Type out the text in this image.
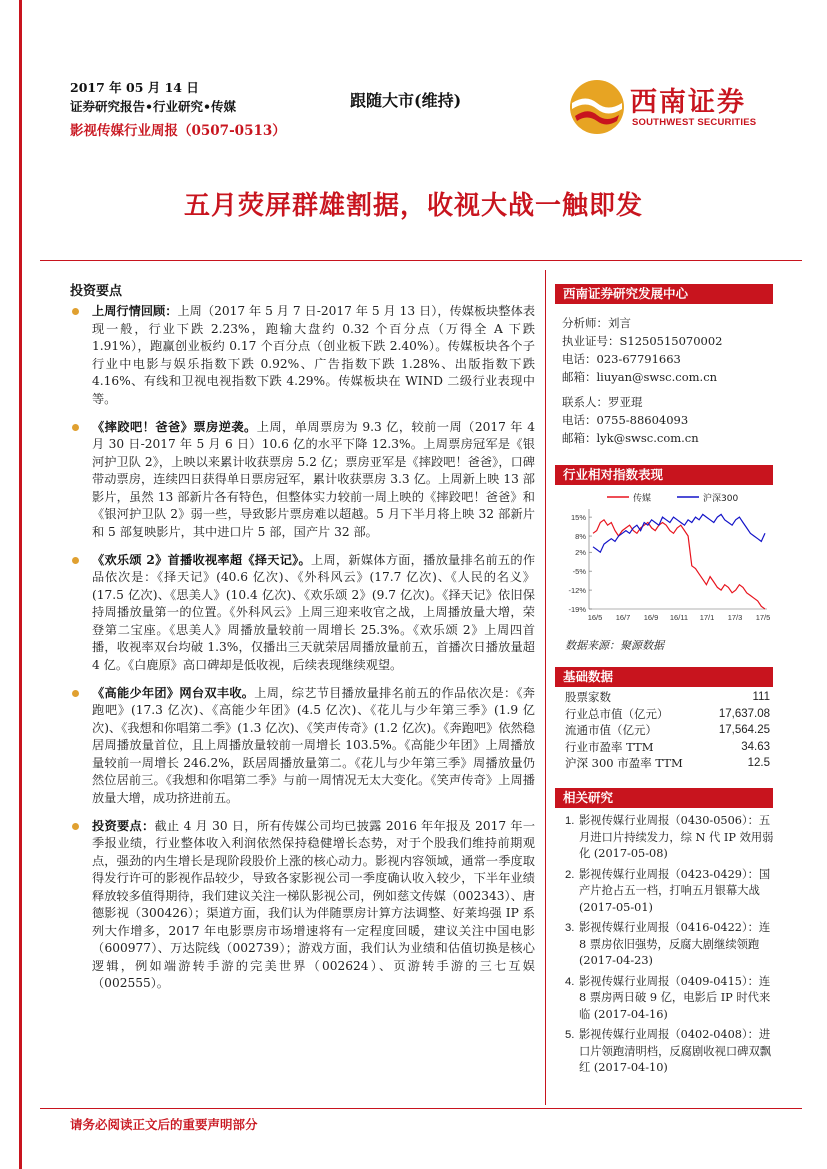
2017 年 05 月 14 日
证券研究报告•行业研究•传媒
影视传媒行业周报（0507-0513）
跟随大市(维持)	西南证券
SOUTHWEST SECURITIES
五月荧屏群雄割据，收视大战一触即发
投资要点
上周行情回顾：上周（2017 年 5 月 7 日-2017 年 5 月 13 日），传媒板块整体表现一般，行业下跌 2.23%，跑输大盘约 0.32 个百分点（万得全 A 下跌 1.91%），跑赢创业板约 0.17 个百分点（创业板下跌 2.40%）。传媒板块各个子行业中电影与娱乐指数下跌 0.92%、广告指数下跌 1.28%、出版指数下跌 4.16%、有线和卫视电视指数下跌 4.29%。传媒板块在 WIND 二级行业表现中等。
《摔跤吧！爸爸》票房逆袭。上周，单周票房为 9.3 亿，较前一周（2017 年 4 月 30 日-2017 年 5 月 6 日）10.6 亿的水平下降 12.3%。上周票房冠军是《银河护卫队 2》，上映以来累计收获票房 5.2 亿；票房亚军是《摔跤吧！爸爸》，口碑带动票房，连续四日获得单日票房冠军，累计收获票房 3.3 亿。上周新上映 13 部影片，虽然 13 部新片各有特色，但整体实力较前一周上映的《摔跤吧！爸爸》和《银河护卫队 2》弱一些，导致影片票房难以超越。5 月下半月将上映 32 部新片和 5 部复映影片，其中进口片 5 部，国产片 32 部。
《欢乐颂 2》首播收视率超《择天记》。上周，新媒体方面，播放量排名前五的作品依次是：《择天记》(40.6 亿次)、《外科风云》(17.7 亿次)、《人民的名义》(17.5 亿次)、《思美人》(10.4 亿次)、《欢乐颂 2》(9.7 亿次)。《择天记》依旧保持周播放量第一的位置。《外科风云》上周三迎来收官之战，上周播放量大增，荣登第二宝座。《思美人》周播放量较前一周增长 25.3%。《欢乐颂 2》上周四首播，收视率双台均破 1.3%，仅播出三天就荣居周播放量前五，首播次日播放量超 4 亿。《白鹿原》高口碑却是低收视，后续表现继续观望。
《高能少年团》网台双丰收。上周，综艺节目播放量排名前五的作品依次是：《奔跑吧》(17.3 亿次)、《高能少年团》(4.5 亿次)、《花儿与少年第三季》(1.9 亿次)、《我想和你唱第二季》(1.3 亿次)、《笑声传奇》(1.2 亿次)。《奔跑吧》依然稳居周播放量首位，且上周播放量较前一周增长 103.5%。《高能少年团》上周播放量较前一周增长 246.2%，跃居周播放量第二。《花儿与少年第三季》周播放量仍然位居前三。《我想和你唱第二季》与前一周情况无太大变化。《笑声传奇》上周播放量大增，成功挤进前五。
投资要点：截止 4 月 30 日，所有传媒公司均已披露 2016 年年报及 2017 年一季报业绩，行业整体收入利润依然保持稳健增长态势，对于个股我们维持前期观点，强劲的内生增长是现阶段股价上涨的核心动力。影视内容领域，通常一季度取得发行许可的影视作品较少，导致各家影视公司一季度确认收入较少，下半年业绩释放较多值得期待，我们建议关注一梯队影视公司，例如慈文传媒（002343）、唐德影视（300426）；渠道方面，我们认为伴随票房计算方法调整、好莱坞强 IP 系列大作增多，2017 年电影票房市场增速将有一定程度回暖，建议关注中国电影（600977）、万达院线（002739）；游戏方面，我们认为业绩和估值切换是核心逻辑，例如端游转手游的完美世界（002624）、页游转手游的三七互娱（002555）。
西南证券研究发展中心
分析师：刘言
执业证号：S1250515070002
电话：023-67791663
邮箱：liuyan@swsc.com.cn
联系人：罗亚琨
电话：0755-88604093
邮箱：lyk@swsc.com.cn
行业相对指数表现
传媒	沪深300
15%
8%
2%
-5%
-12%
-19%
16/5 16/7 16/9 16/11 17/1 17/3 17/5
数据来源：聚源数据
基础数据
股票家数	111
行业总市值（亿元）	17,637.08
流通市值（亿元）	17,564.25
行业市盈率 TTM	34.63
沪深 300 市盈率 TTM	12.5
相关研究
1. 影视传媒行业周报（0430-0506）：五月进口片持续发力，综 N 代 IP 效用弱化 (2017-05-08)
2. 影视传媒行业周报（0423-0429）：国产片抢占五一档，打响五月银幕大战 (2017-05-01)
3. 影视传媒行业周报（0416-0422）：连 8 票房依旧强势，反腐大剧继续领跑 (2017-04-23)
4. 影视传媒行业周报（0409-0415）：连 8 票房两日破 9 亿，电影后 IP 时代来临 (2017-04-16)
5. 影视传媒行业周报（0402-0408）：进口片领跑清明档，反腐剧收视口碑双飘红 (2017-04-10)
请务必阅读正文后的重要声明部分
